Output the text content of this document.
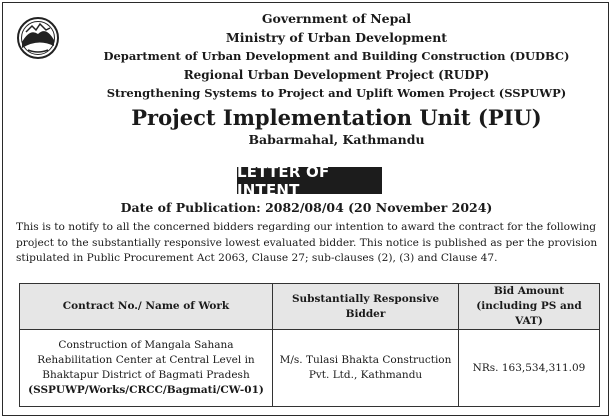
Government of Nepal
Ministry of Urban Development
Department of Urban Development and Building Construction (DUDBC)
Regional Urban Development Project (RUDP)
Strengthening Systems to Project and Uplift Women Project (SSPUWP)
Project Implementation Unit (PIU)
Babarmahal, Kathmandu
LETTER OF INTENT
Date of Publication: 2082/08/04 (20 November 2024)
This is to notify to all the concerned bidders regarding our intention to award the contract for the following
project to the substantially responsive lowest evaluated bidder. This notice is published as per the provision
stipulated in Public Procurement Act 2063, Clause 27; sub-clauses (2), (3) and Clause 47.
Contract No./ Name of Work	Substantially Responsive Bidder	Bid Amount (including PS and VAT)

Construction of Mangala Sahana
Rehabilitation Center at Central Level in
Bhaktapur District of Bagmati Pradesh
(SSPUWP/Works/CRCC/Bagmati/CW-01)	M/s. Tulasi Bhakta Construction Pvt. Ltd., Kathmandu	NRs. 163,534,311.09
